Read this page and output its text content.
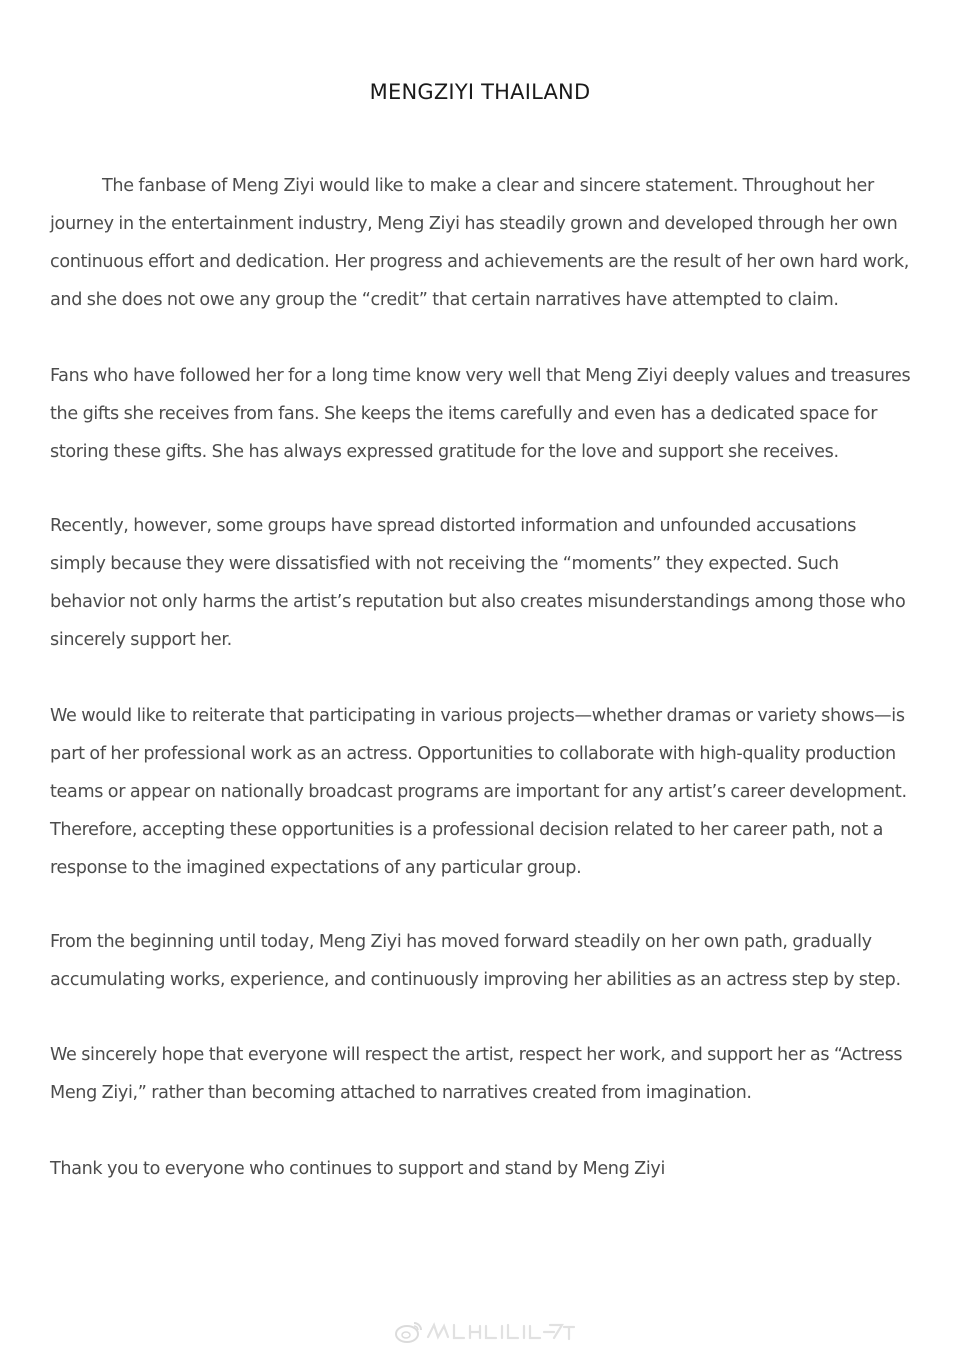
MENGZIYI THAILAND

The fanbase of Meng Ziyi would like to make a clear and sincere statement. Throughout her journey in the entertainment industry, Meng Ziyi has steadily grown and developed through her own continuous effort and dedication. Her progress and achievements are the result of her own hard work, and she does not owe any group the “credit” that certain narratives have attempted to claim.

Fans who have followed her for a long time know very well that Meng Ziyi deeply values and treasures the gifts she receives from fans. She keeps the items carefully and even has a dedicated space for storing these gifts. She has always expressed gratitude for the love and support she receives.

Recently, however, some groups have spread distorted information and unfounded accusations simply because they were dissatisfied with not receiving the “moments” they expected. Such behavior not only harms the artist’s reputation but also creates misunderstandings among those who sincerely support her.

We would like to reiterate that participating in various projects—whether dramas or variety shows—is part of her professional work as an actress. Opportunities to collaborate with high-quality production teams or appear on nationally broadcast programs are important for any artist’s career development. Therefore, accepting these opportunities is a professional decision related to her career path, not a response to the imagined expectations of any particular group.

From the beginning until today, Meng Ziyi has moved forward steadily on her own path, gradually accumulating works, experience, and continuously improving her abilities as an actress step by step.

We sincerely hope that everyone will respect the artist, respect her work, and support her as “Actress Meng Ziyi,” rather than becoming attached to narratives created from imagination.

Thank you to everyone who continues to support and stand by Meng Ziyi
